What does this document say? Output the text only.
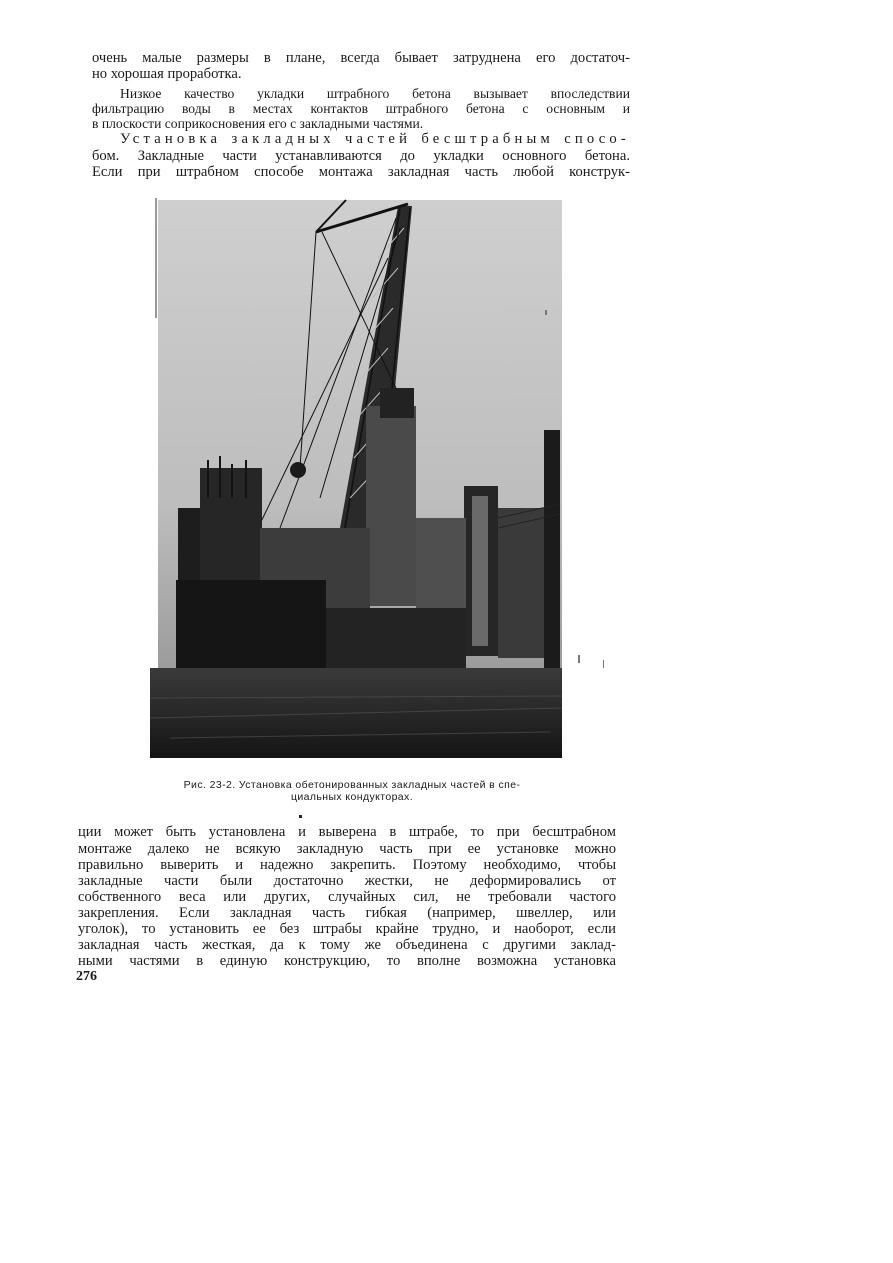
очень малые размеры в плане, всегда бывает затруднена его достаточ-
но хорошая проработка.
Низкое качество укладки штрабного бетона вызывает впоследствии
фильтрацию воды в местах контактов штрабного бетона с основным и
в плоскости соприкосновения его с закладными частями.
Установка закладных частей бесштрабным спосо-
бом. Закладные части устанавливаются до укладки основного бетона.
Если при штрабном способе монтажа закладная часть любой конструк-
Рис. 23-2. Установка обетонированных закладных частей в спе-
циальных кондукторах.
ции может быть установлена и выверена в штрабе, то при бесштрабном
монтаже далеко не всякую закладную часть при ее установке можно
правильно выверить и надежно закрепить. Поэтому необходимо, чтобы
закладные части были достаточно жестки, не деформировались от
собственного веса или других, случайных сил, не требовали частого
закрепления. Если закладная часть гибкая (например, швеллер, или
уголок), то установить ее без штрабы крайне трудно, и наоборот, если
закладная часть жесткая, да к тому же объединена с другими заклад-
ными частями в единую конструкцию, то вполне возможна установка
276
